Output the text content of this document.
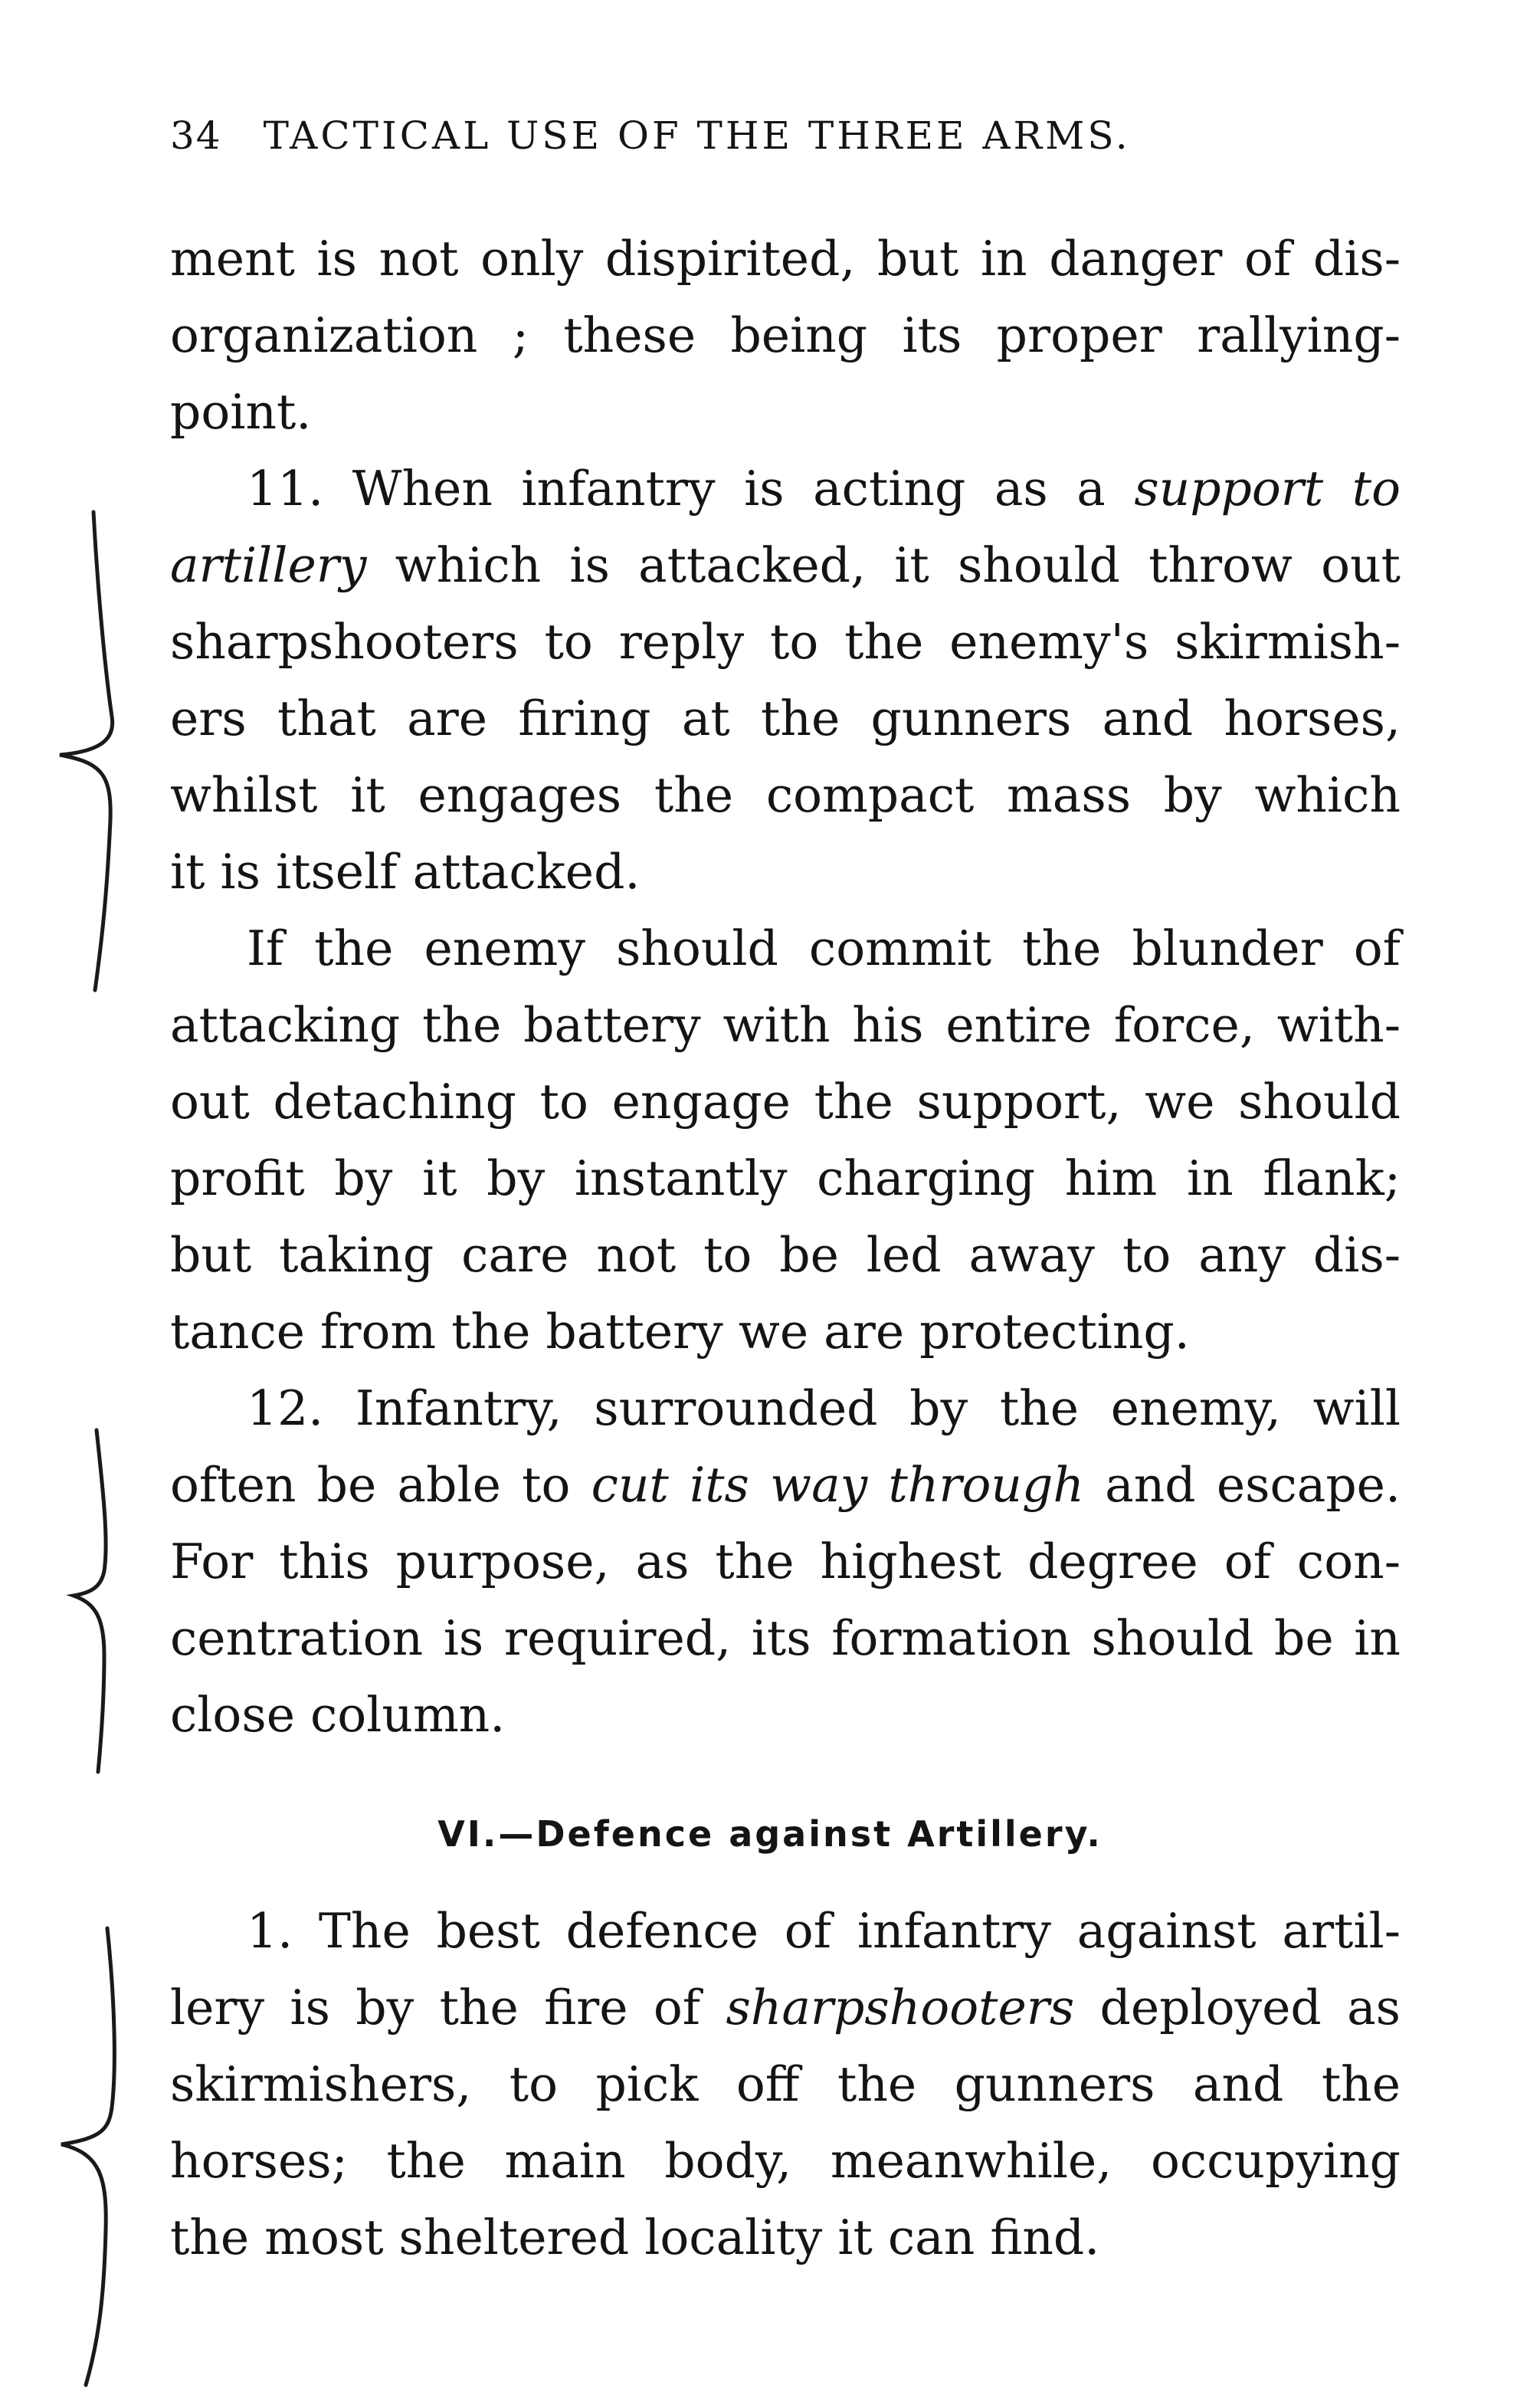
34 TACTICAL USE OF THE THREE ARMS.
ment is not only dispirited, but in danger of dis-
organization ; these being its proper rallying-
point.
11. When infantry is acting as a support to
artillery which is attacked, it should throw out
sharpshooters to reply to the enemy's skirmish-
ers that are firing at the gunners and horses,
whilst it engages the compact mass by which
it is itself attacked.
If the enemy should commit the blunder of
attacking the battery with his entire force, with-
out detaching to engage the support, we should
profit by it by instantly charging him in flank;
but taking care not to be led away to any dis-
tance from the battery we are protecting.
12. Infantry, surrounded by the enemy, will
often be able to cut its way through and escape.
For this purpose, as the highest degree of con-
centration is required, its formation should be in
close column.
VI.—Defence against Artillery.
1. The best defence of infantry against artil-
lery is by the fire of sharpshooters deployed as
skirmishers, to pick off the gunners and the
horses; the main body, meanwhile, occupying
the most sheltered locality it can find.
